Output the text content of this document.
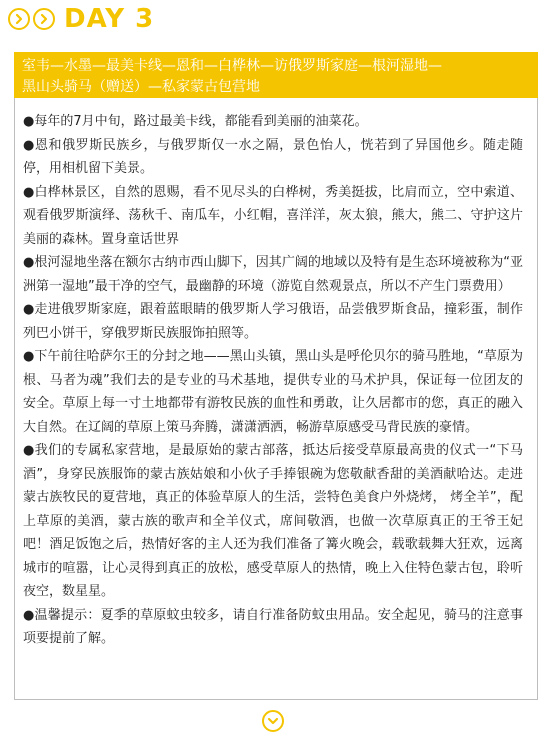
DAY 3
室韦—水墨—最美卡线—恩和—白桦林—访俄罗斯家庭—根河湿地—
黑山头骑马（赠送）—私家蒙古包营地

●每年的7月中旬，路过最美卡线，都能看到美丽的油菜花。

●恩和俄罗斯民族乡，与俄罗斯仅一水之隔，景色怡人，恍若到了异国他乡。随走随停，用相机留下美景。

●白桦林景区，自然的恩赐，看不见尽头的白桦树，秀美挺拔，比肩而立，空中索道、观看俄罗斯演绎、荡秋千、南瓜车，小红帽，喜洋洋，灰太狼，熊大，熊二、守护这片美丽的森林。置身童话世界

●根河湿地坐落在额尔古纳市西山脚下，因其广阔的地域以及特有是生态环境被称为“亚洲第一湿地”最干净的空气，最幽静的环境（游览自然观景点，所以不产生门票费用）

●走进俄罗斯家庭，跟着蓝眼睛的俄罗斯人学习俄语，品尝俄罗斯食品，撞彩蛋，制作列巴小饼干，穿俄罗斯民族服饰拍照等。

●下午前往哈萨尔王的分封之地——黑山头镇，黑山头是呼伦贝尔的骑马胜地，“草原为根、马者为魂”我们去的是专业的马术基地，提供专业的马术护具，保证每一位团友的安全。草原上每一寸土地都带有游牧民族的血性和勇敢，让久居都市的您，真正的融入大自然。在辽阔的草原上策马奔腾，潇潇洒洒，畅游草原感受马背民族的豪情。

●我们的专属私家营地，是最原始的蒙古部落，抵达后接受草原最高贵的仪式一“下马酒”，身穿民族服饰的蒙古族姑娘和小伙子手捧银碗为您敬献香甜的美酒献哈达。走进蒙古族牧民的夏营地，真正的体验草原人的生活，尝特色美食户外烧烤， 烤全羊”，配上草原的美酒，蒙古族的歌声和全羊仪式，席间敬酒，也做一次草原真正的王爷王妃吧！酒足饭饱之后，热情好客的主人还为我们准备了篝火晚会，载歌载舞大狂欢，远离城市的喧嚣，让心灵得到真正的放松，感受草原人的热情，晚上入住特色蒙古包，聆听夜空，数星星。

●温馨提示：夏季的草原蚊虫较多，请自行准备防蚊虫用品。安全起见，骑马的注意事项要提前了解。
